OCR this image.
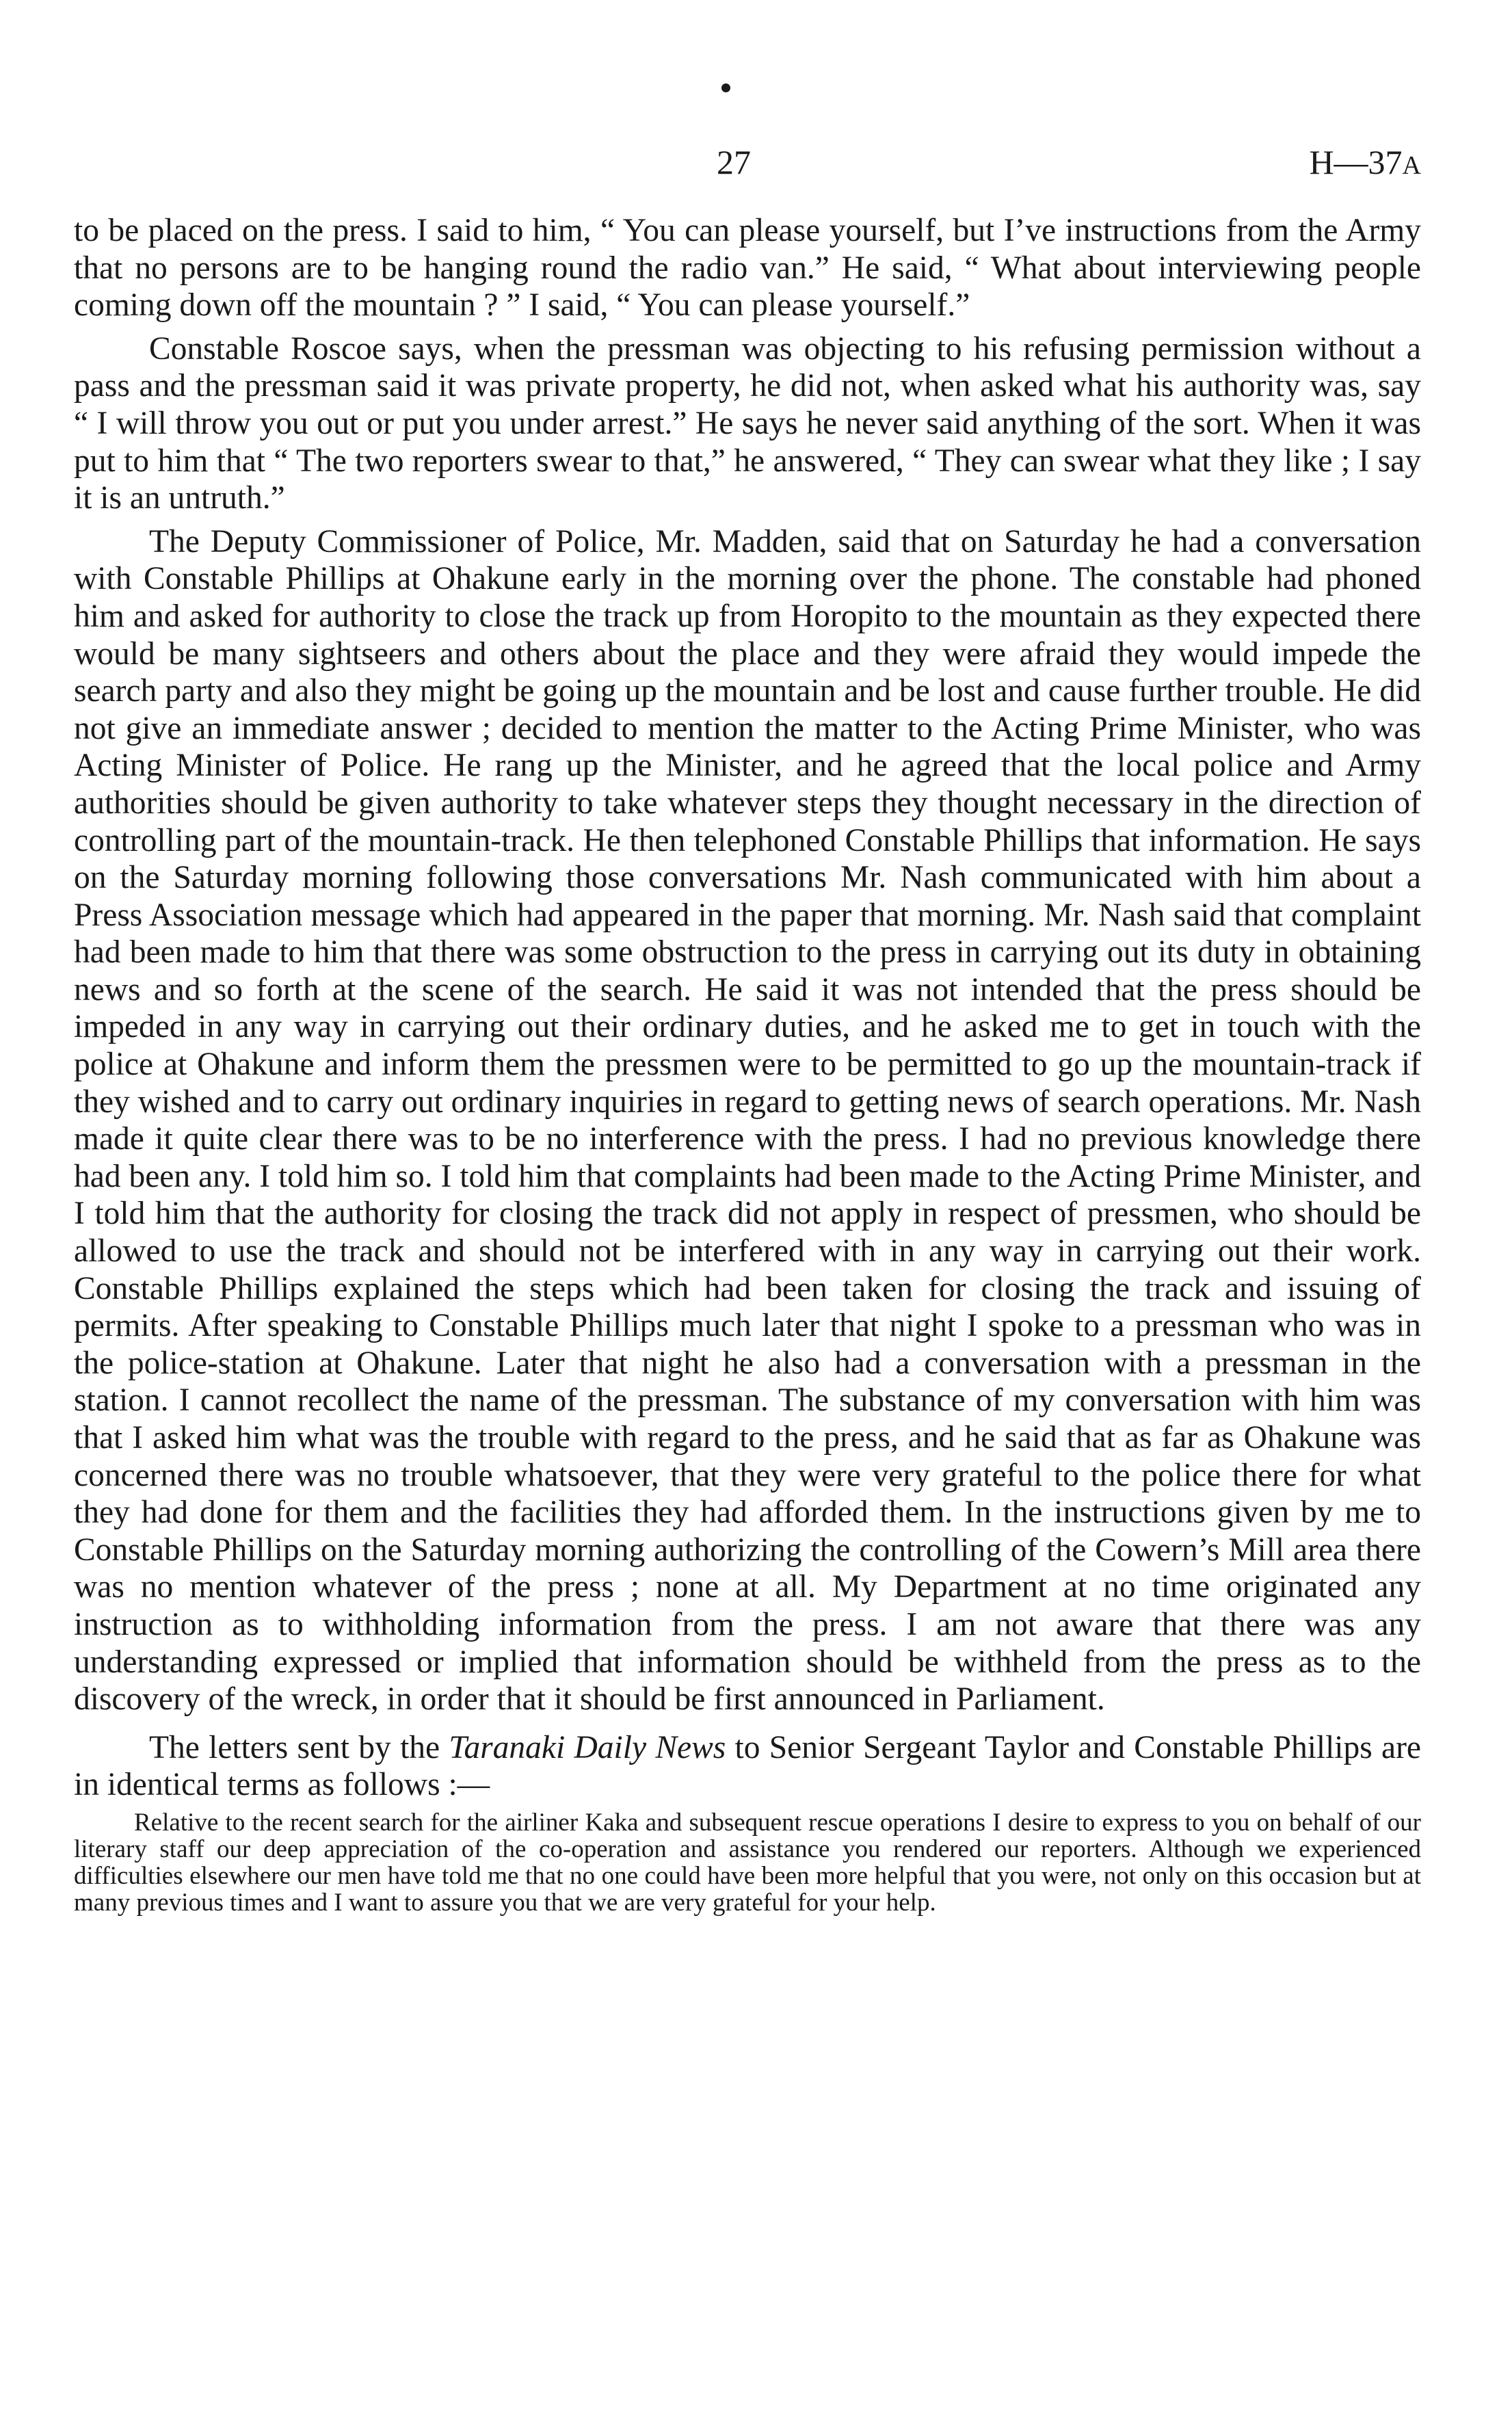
27	H—37A

to be placed on the press. I said to him, “ You can please yourself, but I’ve instructions from the Army that no persons are to be hanging round the radio van.” He said, “ What about interviewing people coming down off the mountain ? ” I said, “ You can please yourself.”

Constable Roscoe says, when the pressman was objecting to his refusing permission without a pass and the pressman said it was private property, he did not, when asked what his authority was, say “ I will throw you out or put you under arrest.” He says he never said anything of the sort. When it was put to him that “ The two reporters swear to that,” he answered, “ They can swear what they like ; I say it is an untruth.”

The Deputy Commissioner of Police, Mr. Madden, said that on Saturday he had a conversation with Constable Phillips at Ohakune early in the morning over the phone. The constable had phoned him and asked for authority to close the track up from Horopito to the mountain as they expected there would be many sightseers and others about the place and they were afraid they would impede the search party and also they might be going up the mountain and be lost and cause further trouble. He did not give an immediate answer ; decided to mention the matter to the Acting Prime Minister, who was Acting Minister of Police. He rang up the Minister, and he agreed that the local police and Army authorities should be given authority to take whatever steps they thought necessary in the direction of controlling part of the mountain-track. He then telephoned Constable Phillips that information. He says on the Saturday morning following those conversations Mr. Nash communicated with him about a Press Association message which had appeared in the paper that morning. Mr. Nash said that complaint had been made to him that there was some obstruction to the press in carrying out its duty in obtaining news and so forth at the scene of the search. He said it was not intended that the press should be impeded in any way in carrying out their ordinary duties, and he asked me to get in touch with the police at Ohakune and inform them the pressmen were to be permitted to go up the mountain-track if they wished and to carry out ordinary inquiries in regard to getting news of search operations. Mr. Nash made it quite clear there was to be no interference with the press. I had no previous knowledge there had been any. I told him so. I told him that complaints had been made to the Acting Prime Minister, and I told him that the authority for closing the track did not apply in respect of pressmen, who should be allowed to use the track and should not be interfered with in any way in carrying out their work. Constable Phillips explained the steps which had been taken for closing the track and issuing of permits. After speaking to Constable Phillips much later that night I spoke to a pressman who was in the police-station at Ohakune. Later that night he also had a conversation with a pressman in the station. I cannot recollect the name of the pressman. The substance of my conversation with him was that I asked him what was the trouble with regard to the press, and he said that as far as Ohakune was concerned there was no trouble whatsoever, that they were very grateful to the police there for what they had done for them and the facilities they had afforded them. In the instructions given by me to Constable Phillips on the Saturday morning authorizing the controlling of the Cowern’s Mill area there was no mention whatever of the press ; none at all. My Department at no time originated any instruction as to withholding information from the press. I am not aware that there was any understanding expressed or implied that information should be withheld from the press as to the discovery of the wreck, in order that it should be first announced in Parliament.

The letters sent by the Taranaki Daily News to Senior Sergeant Taylor and Constable Phillips are in identical terms as follows :—

Relative to the recent search for the airliner Kaka and subsequent rescue operations I desire to express to you on behalf of our literary staff our deep appreciation of the co-operation and assistance you rendered our reporters. Although we experienced difficulties elsewhere our men have told me that no one could have been more helpful that you were, not only on this occasion but at many previous times and I want to assure you that we are very grateful for your help.
